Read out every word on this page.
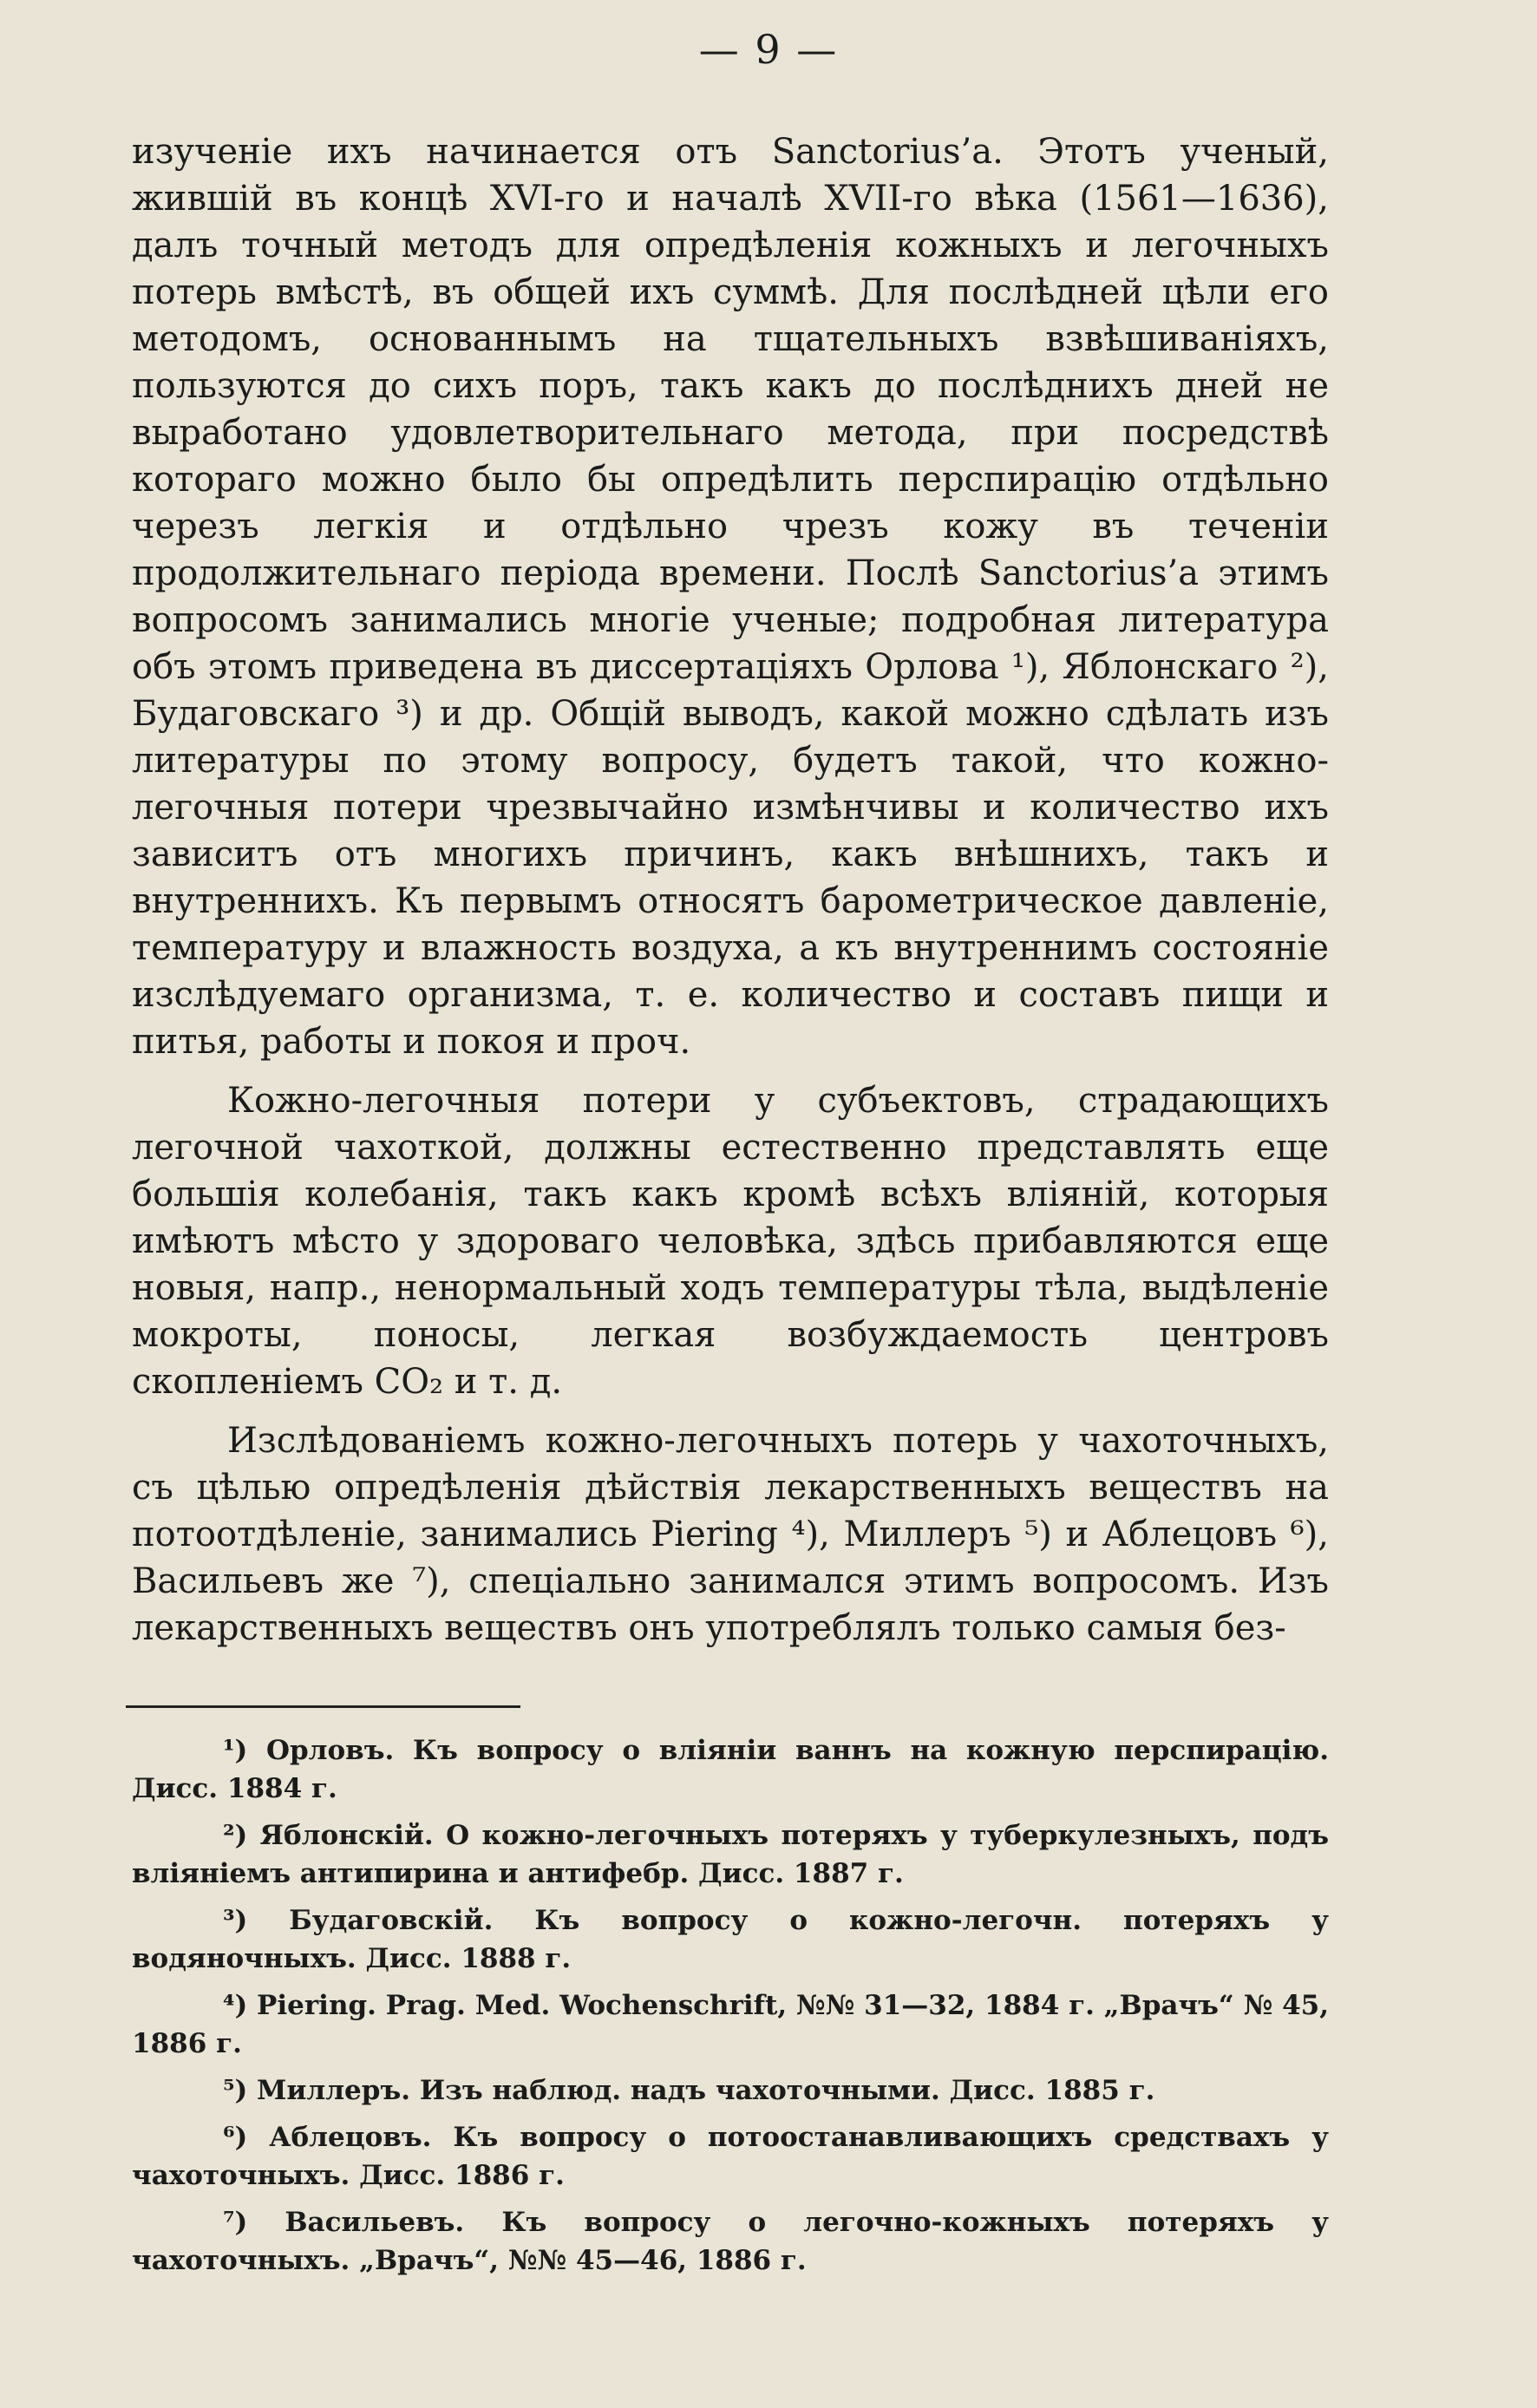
— 9 —

изученіе ихъ начинается отъ Sanctorius’а. Этотъ ученый, жившій въ концѣ XVI-го и началѣ XVII-го вѣка (1561—1636), далъ точный методъ для опредѣленія кожныхъ и легочныхъ потерь вмѣстѣ, въ общей ихъ суммѣ. Для послѣдней цѣли его методомъ, основаннымъ на тщательныхъ взвѣшиваніяхъ, пользуются до сихъ поръ, такъ какъ до послѣднихъ дней не выработано удовлетворительнаго метода, при посредствѣ котораго можно было бы опредѣлить перспирацію отдѣльно черезъ легкія и отдѣльно чрезъ кожу въ теченіи продолжительнаго періода времени. Послѣ Sanctorius’а этимъ вопросомъ занимались многіе ученые; подробная литература объ этомъ приведена въ диссертаціяхъ Орлова ¹), Яблонскаго ²), Будаговскаго ³) и др. Общій выводъ, какой можно сдѣлать изъ литературы по этому вопросу, будетъ такой, что кожно-легочныя потери чрезвычайно измѣнчивы и количество ихъ зависитъ отъ многихъ причинъ, какъ внѣшнихъ, такъ и внутреннихъ. Къ первымъ относятъ барометрическое давленіе, температуру и влажность воздуха, а къ внутреннимъ состояніе изслѣдуемаго организма, т. е. количество и составъ пищи и питья, работы и покоя и проч.

Кожно-легочныя потери у субъектовъ, страдающихъ легочной чахоткой, должны естественно представлять еще большія колебанія, такъ какъ кромѣ всѣхъ вліяній, которыя имѣютъ мѣсто у здороваго человѣка, здѣсь прибавляются еще новыя, напр., ненормальный ходъ температуры тѣла, выдѣленіе мокроты, поносы, легкая возбуждаемость центровъ скопленіемъ CO₂ и т. д.

Изслѣдованіемъ кожно-легочныхъ потерь у чахоточныхъ, съ цѣлью опредѣленія дѣйствія лекарственныхъ веществъ на потоотдѣленіе, занимались Piering ⁴), Миллеръ ⁵) и Аблецовъ ⁶), Васильевъ же ⁷), спеціально занимался этимъ вопросомъ. Изъ лекарственныхъ веществъ онъ употреблялъ только самыя без-

¹) Орловъ. Къ вопросу о вліяніи ваннъ на кожную перспирацію. Дисс. 1884 г.

²) Яблонскій. О кожно-легочныхъ потеряхъ у туберкулезныхъ, подъ вліяніемъ антипирина и антифебр. Дисс. 1887 г.

³) Будаговскій. Къ вопросу о кожно-легочн. потеряхъ у водяночныхъ. Дисс. 1888 г.

⁴) Piering. Prag. Med. Wochenschrift, №№ 31—32, 1884 г. „Врачъ“ № 45, 1886 г.

⁵) Миллеръ. Изъ наблюд. надъ чахоточными. Дисс. 1885 г.

⁶) Аблецовъ. Къ вопросу о потоостанавливающихъ средствахъ у чахоточныхъ. Дисс. 1886 г.

⁷) Васильевъ. Къ вопросу о легочно-кожныхъ потеряхъ у чахоточныхъ. „Врачъ“, №№ 45—46, 1886 г.
